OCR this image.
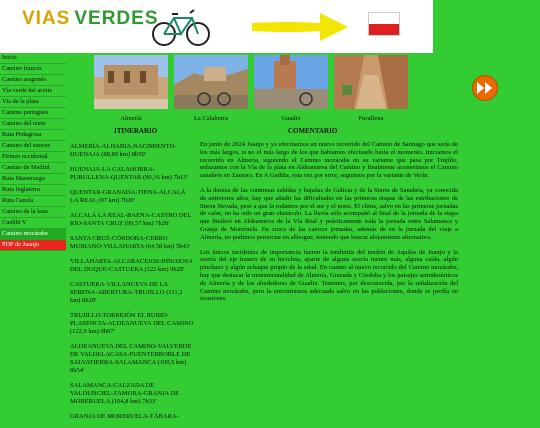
VIAS VERDES
Inicio
Camino francés
Camino aragonés
Vía verde del aceite
Vía de la plata
Camino portugués
Camino del norte
Ruta Pedagrosa
Camino del sureste
Pirineo occidental
Camino de Madrid
Ruta Maestrazgo
Ruta Inglaterra
Ruta Canola
Camino de la lana
Cuelibí V
Camino mozárabe
PDF de Juanjo
Almería	La Calahorra	Guadix	Purullena
ITINERARIO	COMENTARIO
ALMERÍA-ALHABIA-NACIMIENTO-HUENAJA (88,89 km) 8h50'
HUENAJA-LA CALAHORRA-PURULLENA-QUENTAR (90,16 km) 7h13'
QUENTAR-GRANADA-TIENA-ALCALÁ LA REAL (97 km) 7h20'
ALCALÁ LA REAL-BAENA-CASTRO DEL RÍO-SANTA CRUZ (99,57 km) 7h20'
SANTA CRUZ-CÓRDOBA-CERRO MURIANO-VILLAHARTA (64,58 km) 5h43'
VILLAHARTA-ALCARACEJOS-HINOJOSA DEL DUQUE-CASTUERA (122 km) 9h28'
CASTUERA-VILLANUEVA DE LA SERENA-ABERTURA-TRUJILLO (111,2 km) 8h28'
TRUJILLO-TORREJÓN EL RUBIO-PLASENCIA-ALDEANUEVA DEL CAMINO (122,9 km) 9h07'
ALDEANUEVA DEL CAMINO-VALVERDE DE VALDELACASA-FUENTERROBLE DE SALVATIERRA-SALAMANCA (100,5 km) 8h54'
SALAMANCA-CALZADA DE VALDUNCIEL-ZAMORA-GRANJA DE MORERUELA (104,8 km) 7h33'
GRANJA DE MORERUELA-TÁBARA-

En junio de 2024 Juanjo y yo efectuamos un nuevo recorrido del Camino de Santiago que sería de los más largos, si no el más largo de los que habíamos efectuado hasta el momento. Iniciamos el recorrido en Almería, siguiendo el Camino mozárabe en su variante que pasa por Trujillo, enlazamos con la Vía de la plata en Aldeanueva del Camino y finalmente acometimos el Camino sanabrés en Zamora. En A Gudiña, esta vez por error, seguimos por la variante de Verín.

A la dureza de las continuas subidas y bajadas de Galicia y de la Sierra de Sanabria, ya conocida de anteriores años, hay que añadir las dificultades en las primeras etapas de las estribaciones de Sierra Nevada, pese a que la rodamos por el sur y el norte. El clima, salvo en las primeras jornadas de calor, no ha sido un gran obstáculo. La lluvia sólo acompañó al final de la jornada de la etapa que finalizó en Aldeanueva de la Vía Real y prácticamente toda la jornada entre Salamanca y Granja de Moreruela. En cinco de las catorce jornadas, además de en la jornada del viaje a Almería, no pudimos pernoctar en albergue, teniendo que buscar alojamiento alternativo.

Los únicos incidentes de importancia fueron la tendinitis del tendón de Aquiles de Juanjo y la avería del eje trasero de su bicicleta, aparte de alguna avería menor más, alguna caída, algún pinchazo y algún achaque propio de la edad. En cuanto al nuevo recorrido del Camino mozárabe, hay que destacar la monumentalidad de Almería, Granada y Córdoba y los paisajes semidesérticos de Almería y de los alrededores de Guadix. Tenemos, por desconocida, por la señalización del Camino mozárabe, pero la encontramos adecuada salvo en las poblaciones, donde se perdía en ocasiones.
